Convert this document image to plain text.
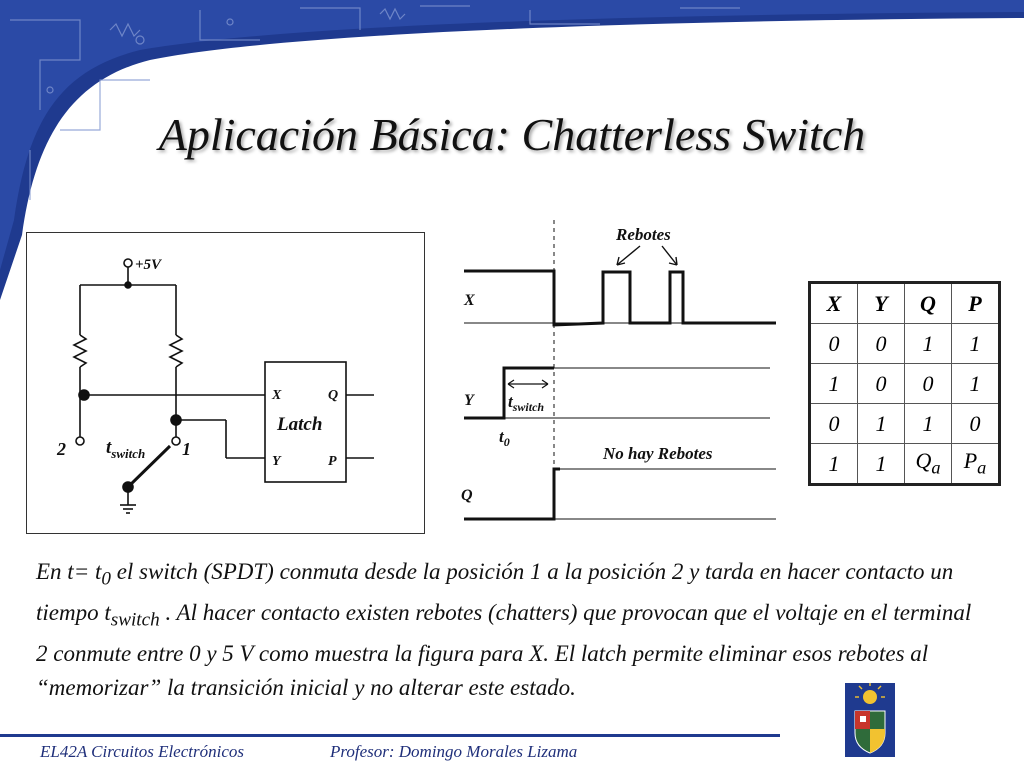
Aplicación Básica: Chatterless Switch
+5V
Latch
X	Q
Y	P
2	1
$t_{switch}$
Rebotes
X
Y
Q
$t_{switch}$
$t_0$
No hay Rebotes
X	Y	Q	P
0	0	1	1
1	0	0	1
0	1	1	0
1	1	$Q_a$	$P_a$
En $t= t_0$ el switch (SPDT) conmuta desde la posición 1 a la posición 2 y tarda en hacer contacto un tiempo $t_{switch}$ . Al hacer contacto existen rebotes (chatters) que provocan que el voltaje en el terminal 2 conmute entre 0 y 5 V como muestra la figura para X. El latch permite eliminar esos rebotes al “memorizar” la transición inicial y no alterar este estado.
EL42A Circuitos Electrónicos	Profesor: Domingo Morales Lizama
